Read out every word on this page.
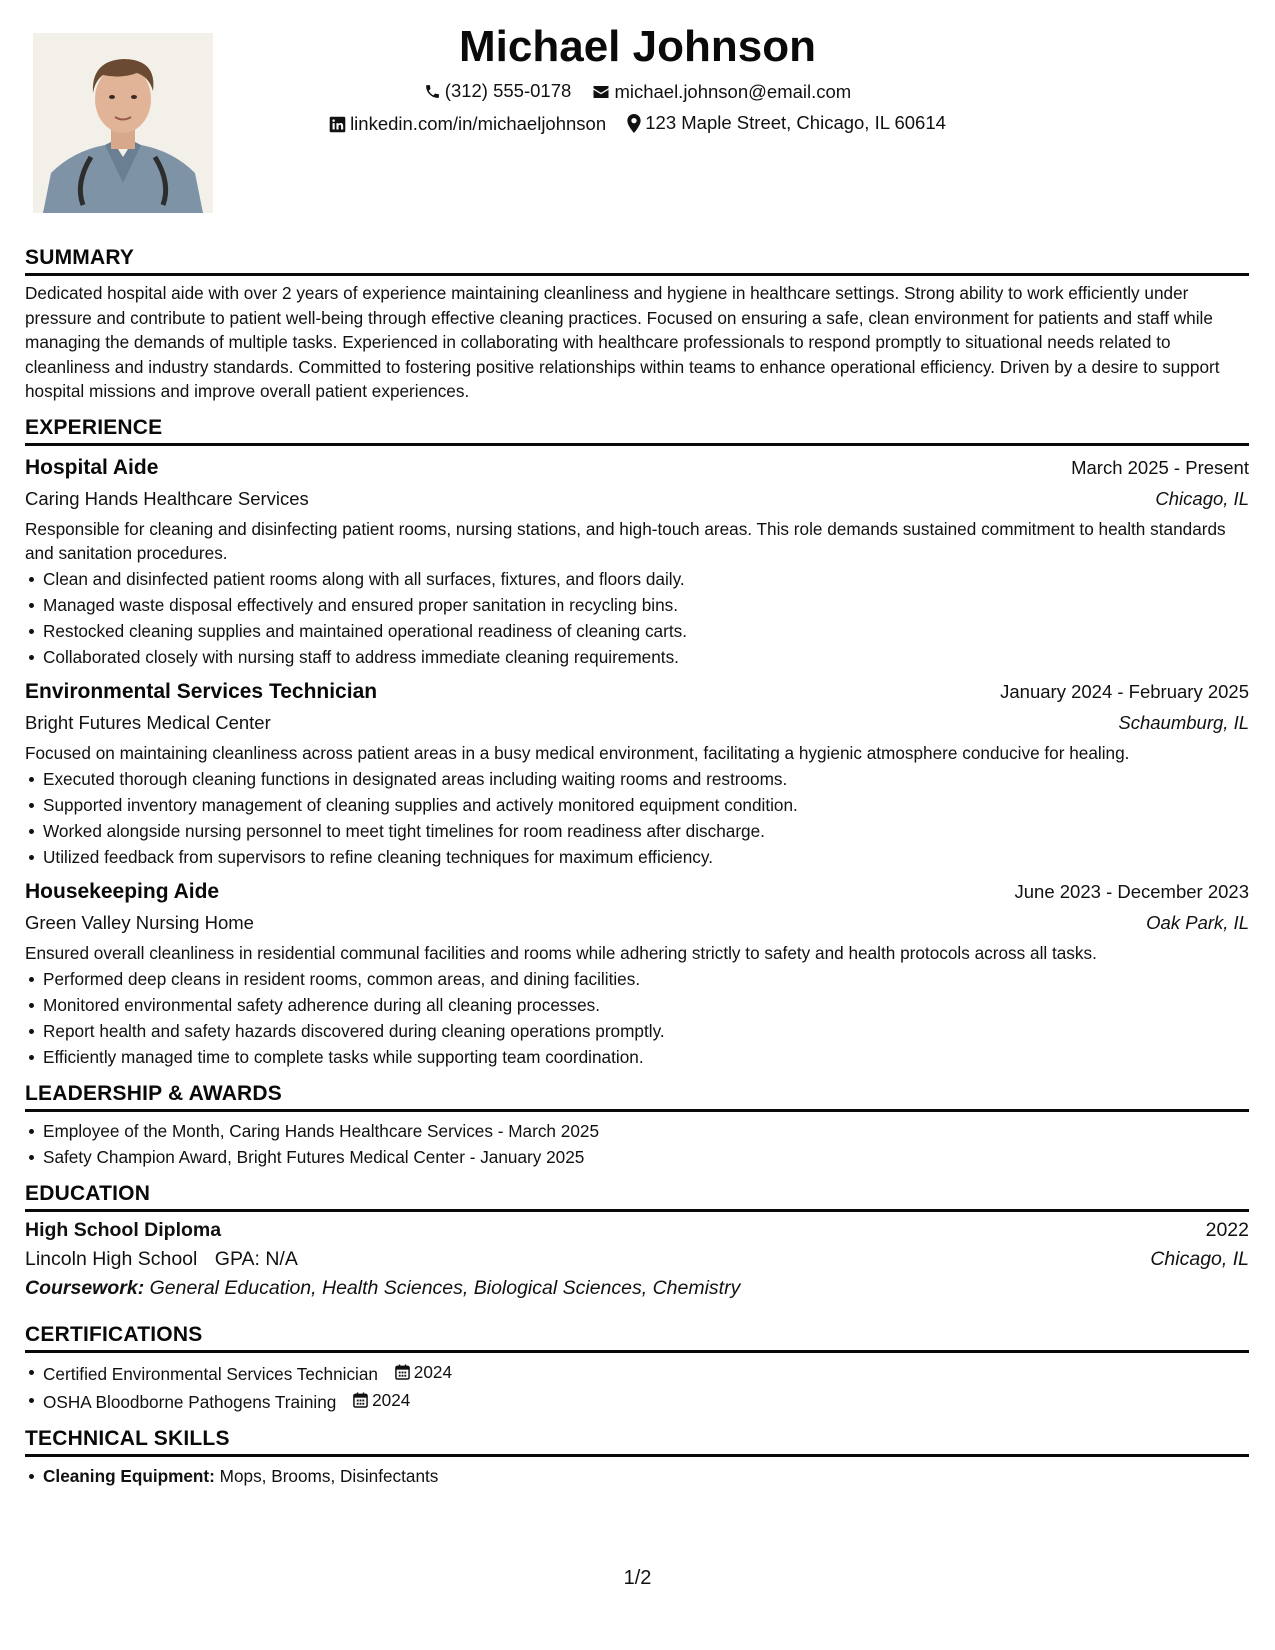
Michael Johnson
(312) 555-0178
michael.johnson@email.com
linkedin.com/in/michaeljohnson
123 Maple Street, Chicago, IL 60614
SUMMARY
Dedicated hospital aide with over 2 years of experience maintaining cleanliness and hygiene in healthcare settings. Strong ability to work efficiently under pressure and contribute to patient well-being through effective cleaning practices. Focused on ensuring a safe, clean environment for patients and staff while managing the demands of multiple tasks. Experienced in collaborating with healthcare professionals to respond promptly to situational needs related to cleanliness and industry standards. Committed to fostering positive relationships within teams to enhance operational efficiency. Driven by a desire to support hospital missions and improve overall patient experiences.
EXPERIENCE
Hospital Aide	March 2025 - Present
Caring Hands Healthcare Services	Chicago, IL
Responsible for cleaning and disinfecting patient rooms, nursing stations, and high-touch areas. This role demands sustained commitment to health standards and sanitation procedures.
Clean and disinfected patient rooms along with all surfaces, fixtures, and floors daily.
Managed waste disposal effectively and ensured proper sanitation in recycling bins.
Restocked cleaning supplies and maintained operational readiness of cleaning carts.
Collaborated closely with nursing staff to address immediate cleaning requirements.
Environmental Services Technician	January 2024 - February 2025
Bright Futures Medical Center	Schaumburg, IL
Focused on maintaining cleanliness across patient areas in a busy medical environment, facilitating a hygienic atmosphere conducive for healing.
Executed thorough cleaning functions in designated areas including waiting rooms and restrooms.
Supported inventory management of cleaning supplies and actively monitored equipment condition.
Worked alongside nursing personnel to meet tight timelines for room readiness after discharge.
Utilized feedback from supervisors to refine cleaning techniques for maximum efficiency.
Housekeeping Aide	June 2023 - December 2023
Green Valley Nursing Home	Oak Park, IL
Ensured overall cleanliness in residential communal facilities and rooms while adhering strictly to safety and health protocols across all tasks.
Performed deep cleans in resident rooms, common areas, and dining facilities.
Monitored environmental safety adherence during all cleaning processes.
Report health and safety hazards discovered during cleaning operations promptly.
Efficiently managed time to complete tasks while supporting team coordination.
LEADERSHIP & AWARDS
Employee of the Month, Caring Hands Healthcare Services - March 2025
Safety Champion Award, Bright Futures Medical Center - January 2025
EDUCATION
High School Diploma	2022
Lincoln High School GPA: N/A	Chicago, IL
Coursework: General Education, Health Sciences, Biological Sciences, Chemistry
CERTIFICATIONS
Certified Environmental Services Technician 2024
OSHA Bloodborne Pathogens Training 2024
TECHNICAL SKILLS
Cleaning Equipment: Mops, Brooms, Disinfectants
1/2
